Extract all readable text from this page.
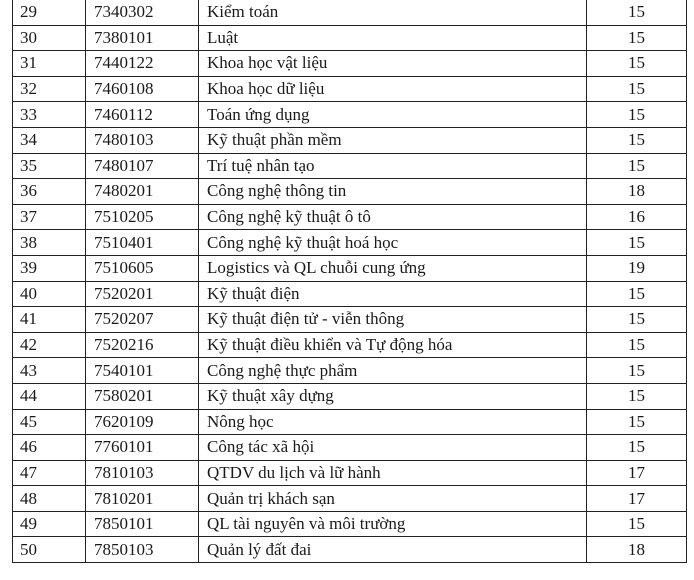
29	7340302	Kiểm toán	15
30	7380101	Luật	15
31	7440122	Khoa học vật liệu	15
32	7460108	Khoa học dữ liệu	15
33	7460112	Toán ứng dụng	15
34	7480103	Kỹ thuật phần mềm	15
35	7480107	Trí tuệ nhân tạo	15
36	7480201	Công nghệ thông tin	18
37	7510205	Công nghệ kỹ thuật ô tô	16
38	7510401	Công nghệ kỹ thuật hoá học	15
39	7510605	Logistics và QL chuỗi cung ứng	19
40	7520201	Kỹ thuật điện	15
41	7520207	Kỹ thuật điện tử - viễn thông	15
42	7520216	Kỹ thuật điều khiển và Tự động hóa	15
43	7540101	Công nghệ thực phẩm	15
44	7580201	Kỹ thuật xây dựng	15
45	7620109	Nông học	15
46	7760101	Công tác xã hội	15
47	7810103	QTDV du lịch và lữ hành	17
48	7810201	Quản trị khách sạn	17
49	7850101	QL tài nguyên và môi trường	15
50	7850103	Quản lý đất đai	18
